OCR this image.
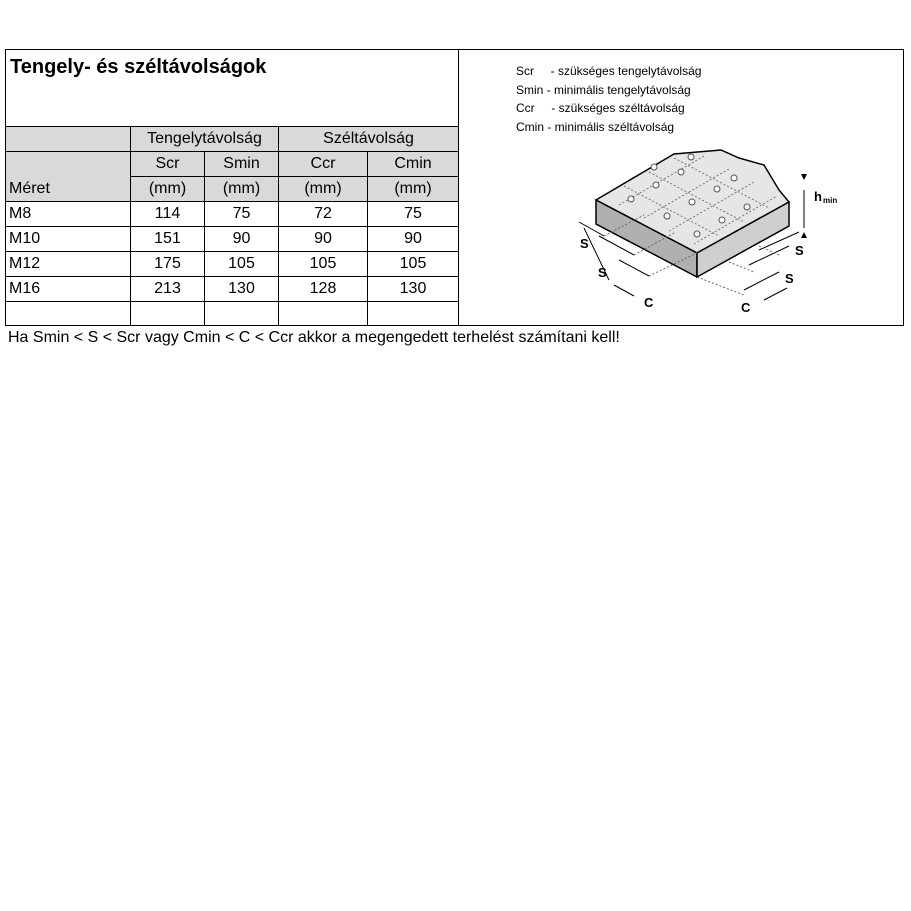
Tengely- és széltávolságok
	Tengelytávolság		Széltávolság	
	Scr	Smin	Ccr	Cmin
Méret	(mm)	(mm)	(mm)	(mm)
M8	114	75	72	75
M10	151	90	90	90
M12	175	105	105	105
M16	213	130	128	130

Scr     - szükséges tengelytávolság
Smin - minimális tengelytávolság
Ccr     - szükséges széltávolság
Cmin - minimális széltávolság
S
S
C
S
S
C
h min
Ha Smin < S < Scr vagy Cmin < C < Ccr akkor a megengedett terhelést számítani kell!
